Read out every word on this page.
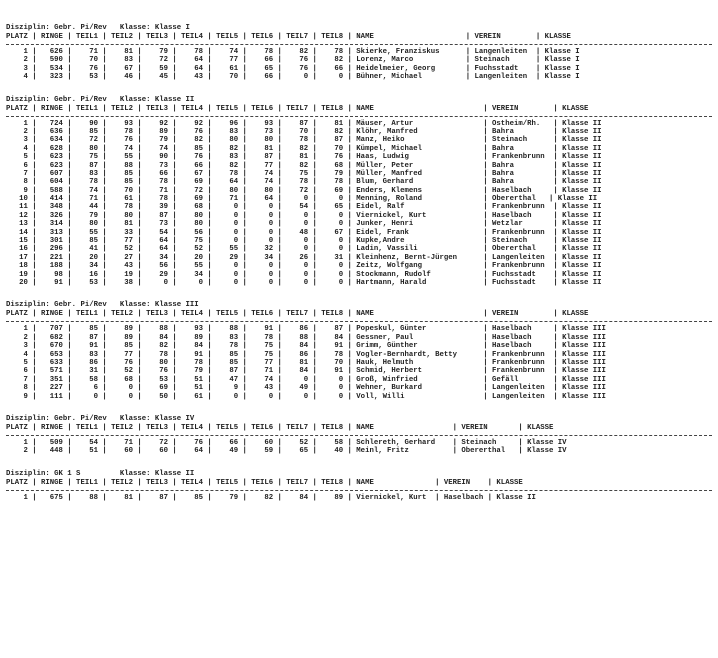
Disziplin: Gebr. Pi/Rev   Klasse: Klasse I
PLATZ | RINGE | TEIL1 | TEIL2 | TEIL3 | TEIL4 | TEIL5 | TEIL6 | TEIL7 | TEIL8 | NAME                     | VEREIN        | KLASSE
1 |   626 |    71 |    81 |    79 |    78 |    74 |    78 |    82 |    78 | Skierke, Franziskus      | Langenleiten  | Klasse I
2 |   590 |    70 |    83 |    72 |    64 |    77 |    66 |    76 |    82 | Lorenz, Marco            | Steinach      | Klasse I
3 |   534 |    76 |    67 |    59 |    64 |    61 |    65 |    76 |    66 | Heidelmeier, Georg       | Fuchsstadt    | Klasse I
4 |   323 |    53 |    46 |    45 |    43 |    70 |    66 |     0 |     0 | Bühner, Michael          | Langenleiten  | Klasse I
Disziplin: Gebr. Pi/Rev   Klasse: Klasse II
PLATZ | RINGE | TEIL1 | TEIL2 | TEIL3 | TEIL4 | TEIL5 | TEIL6 | TEIL7 | TEIL8 | NAME                         | VEREIN        | KLASSE
1 |   724 |    90 |    93 |    92 |    92 |    96 |    93 |    87 |    81 | Mäuser, Artur                | Ostheim/Rh.   | Klasse II
2 |   636 |    85 |    78 |    89 |    76 |    83 |    73 |    70 |    82 | Klöhr, Manfred               | Bahra         | Klasse II
3 |   634 |    72 |    76 |    79 |    82 |    80 |    80 |    78 |    87 | Manz, Heiko                  | Steinach      | Klasse II
4 |   628 |    80 |    74 |    74 |    85 |    82 |    81 |    82 |    70 | Kümpel, Michael              | Bahra         | Klasse II
5 |   623 |    75 |    55 |    90 |    76 |    83 |    87 |    81 |    76 | Haas, Ludwig                 | Frankenbrunn  | Klasse II
6 |   623 |    87 |    88 |    73 |    66 |    82 |    77 |    82 |    68 | Müller, Peter                | Bahra         | Klasse II
7 |   607 |    83 |    85 |    66 |    67 |    78 |    74 |    75 |    79 | Müller, Manfred              | Bahra         | Klasse II
8 |   604 |    78 |    85 |    78 |    69 |    64 |    74 |    78 |    78 | Blum, Gerhard                | Bahra         | Klasse II
9 |   588 |    74 |    70 |    71 |    72 |    80 |    80 |    72 |    69 | Enders, Klemens              | Haselbach     | Klasse II
10 |   414 |    71 |    61 |    78 |    69 |    71 |    64 |     0 |     0 | Menning, Roland              | Obererthal   | Klasse II
11 |   348 |    44 |    78 |    39 |    68 |     0 |     0 |    54 |    65 | Eidel, Ralf                  | Frankenbrunn  | Klasse II
12 |   326 |    79 |    80 |    87 |    80 |     0 |     0 |     0 |     0 | Viernickel, Kurt             | Haselbach     | Klasse II
13 |   314 |    80 |    81 |    73 |    80 |     0 |     0 |     0 |     0 | Junker, Henri                | Wetzlar       | Klasse II
14 |   313 |    55 |    33 |    54 |    56 |     0 |     0 |    48 |    67 | Eidel, Frank                 | Frankenbrunn  | Klasse II
15 |   301 |    85 |    77 |    64 |    75 |     0 |     0 |     0 |     0 | Kupke,Andre                  | Steinach      | Klasse II
16 |   296 |    41 |    52 |    64 |    52 |    55 |    32 |     0 |     0 | Ladin, Vassili               | Obererthal    | Klasse II
17 |   221 |    20 |    27 |    34 |    20 |    29 |    34 |    26 |    31 | Kleinhenz, Bernt-Jürgen      | Langenleiten  | Klasse II
18 |   188 |    34 |    43 |    56 |    55 |     0 |     0 |     0 |     0 | Zeitz, Wolfgang              | Frankenbrunn  | Klasse II
19 |    98 |    16 |    19 |    29 |    34 |     0 |     0 |     0 |     0 | Stockmann, Rudolf            | Fuchsstadt    | Klasse II
20 |    91 |    53 |    38 |     0 |     0 |     0 |     0 |     0 |     0 | Hartmann, Harald             | Fuchsstadt    | Klasse II
Disziplin: Gebr. Pi/Rev   Klasse: Klasse III
PLATZ | RINGE | TEIL1 | TEIL2 | TEIL3 | TEIL4 | TEIL5 | TEIL6 | TEIL7 | TEIL8 | NAME                         | VEREIN        | KLASSE
1 |   707 |    85 |    89 |    88 |    93 |    88 |    91 |    86 |    87 | Popeskul, Günter             | Haselbach     | Klasse III
2 |   682 |    87 |    89 |    84 |    89 |    83 |    78 |    88 |    84 | Gessner, Paul                | Haselbach     | Klasse III
3 |   670 |    91 |    85 |    82 |    84 |    78 |    75 |    84 |    91 | Grimm, Günther               | Haselbach     | Klasse III
4 |   653 |    83 |    77 |    78 |    91 |    85 |    75 |    86 |    78 | Vogler-Bernhardt, Betty      | Frankenbrunn  | Klasse III
5 |   633 |    86 |    76 |    80 |    78 |    85 |    77 |    81 |    70 | Hauk, Helmuth                | Frankenbrunn  | Klasse III
6 |   571 |    31 |    52 |    76 |    79 |    87 |    71 |    84 |    91 | Schmid, Herbert              | Frankenbrunn  | Klasse III
7 |   351 |    58 |    68 |    53 |    51 |    47 |    74 |     0 |     0 | Groß, Winfried               | Gefäll        | Klasse III
8 |   227 |     6 |     0 |    69 |    51 |     9 |    43 |    49 |     0 | Wehner, Burkard              | Langenleiten  | Klasse III
9 |   111 |     0 |     0 |    50 |    61 |     0 |     0 |     0 |     0 | Voll, Willi                  | Langenleiten  | Klasse III
Disziplin: Gebr. Pi/Rev   Klasse: Klasse IV
PLATZ | RINGE | TEIL1 | TEIL2 | TEIL3 | TEIL4 | TEIL5 | TEIL6 | TEIL7 | TEIL8 | NAME                  | VEREIN       | KLASSE
1 |   509 |    54 |    71 |    72 |    76 |    66 |    60 |    52 |    58 | Schlereth, Gerhard    | Steinach     | Klasse IV
2 |   448 |    51 |    60 |    60 |    64 |    49 |    59 |    65 |    40 | Meinl, Fritz          | Obererthal   | Klasse IV
Disziplin: GK 1 S         Klasse: Klasse II
PLATZ | RINGE | TEIL1 | TEIL2 | TEIL3 | TEIL4 | TEIL5 | TEIL6 | TEIL7 | TEIL8 | NAME              | VEREIN    | KLASSE
1 |   675 |    88 |    81 |    87 |    85 |    79 |    82 |    84 |    89 | Viernickel, Kurt  | Haselbach | Klasse II
